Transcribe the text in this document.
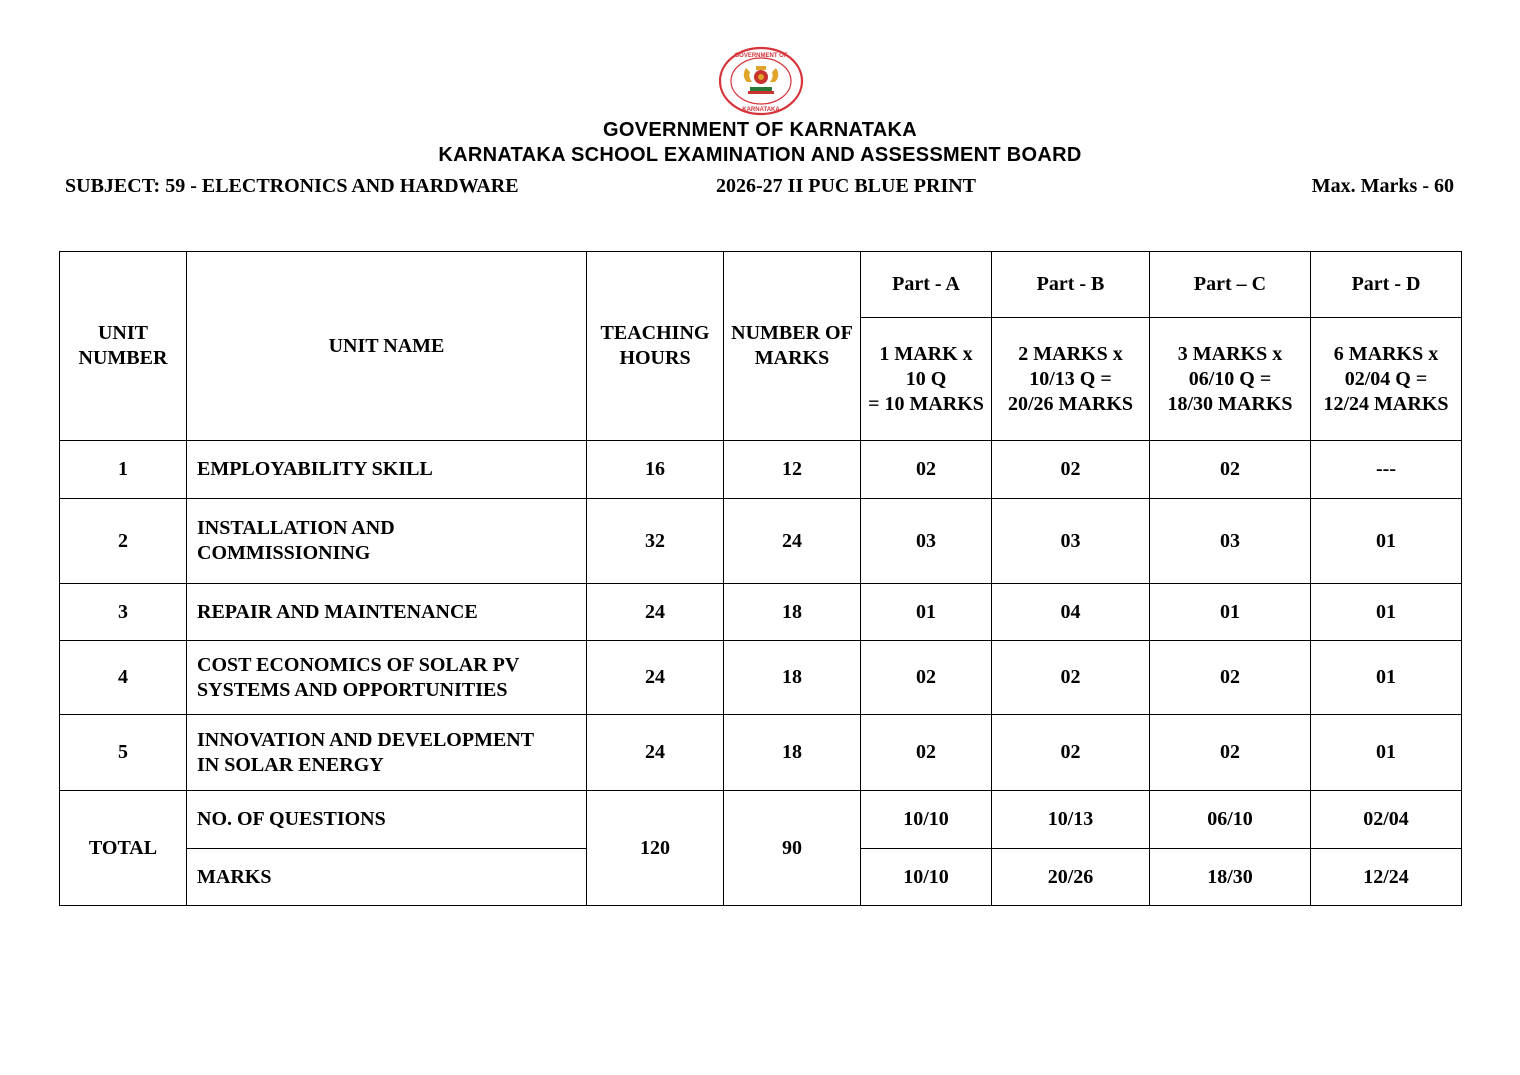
GOVERNMENT OF
KARNATAKA
GOVERNMENT OF KARNATAKA
KARNATAKA SCHOOL EXAMINATION AND ASSESSMENT BOARD
SUBJECT: 59 - ELECTRONICS AND HARDWARE	2026-27 II PUC BLUE PRINT	Max. Marks - 60
UNIT NUMBER	UNIT NAME	TEACHING HOURS	NUMBER OF MARKS	Part - A	Part - B	Part – C	Part - D
				1 MARK x
10 Q
= 10 MARKS	2 MARKS x
10/13 Q =
20/26 MARKS	3 MARKS x
06/10 Q =
18/30 MARKS	6 MARKS x
02/04 Q =
12/24 MARKS
1	EMPLOYABILITY SKILL	16	12	02	02	02	---
2	INSTALLATION AND
COMMISSIONING	32	24	03	03	03	01
3	REPAIR AND MAINTENANCE	24	18	01	04	01	01
4	COST ECONOMICS OF SOLAR PV
SYSTEMS AND OPPORTUNITIES	24	18	02	02	02	01
5	INNOVATION AND DEVELOPMENT
IN SOLAR ENERGY	24	18	02	02	02	01
TOTAL	NO. OF QUESTIONS	120	90	10/10	10/13	06/10	02/04
	MARKS			10/10	20/26	18/30	12/24
